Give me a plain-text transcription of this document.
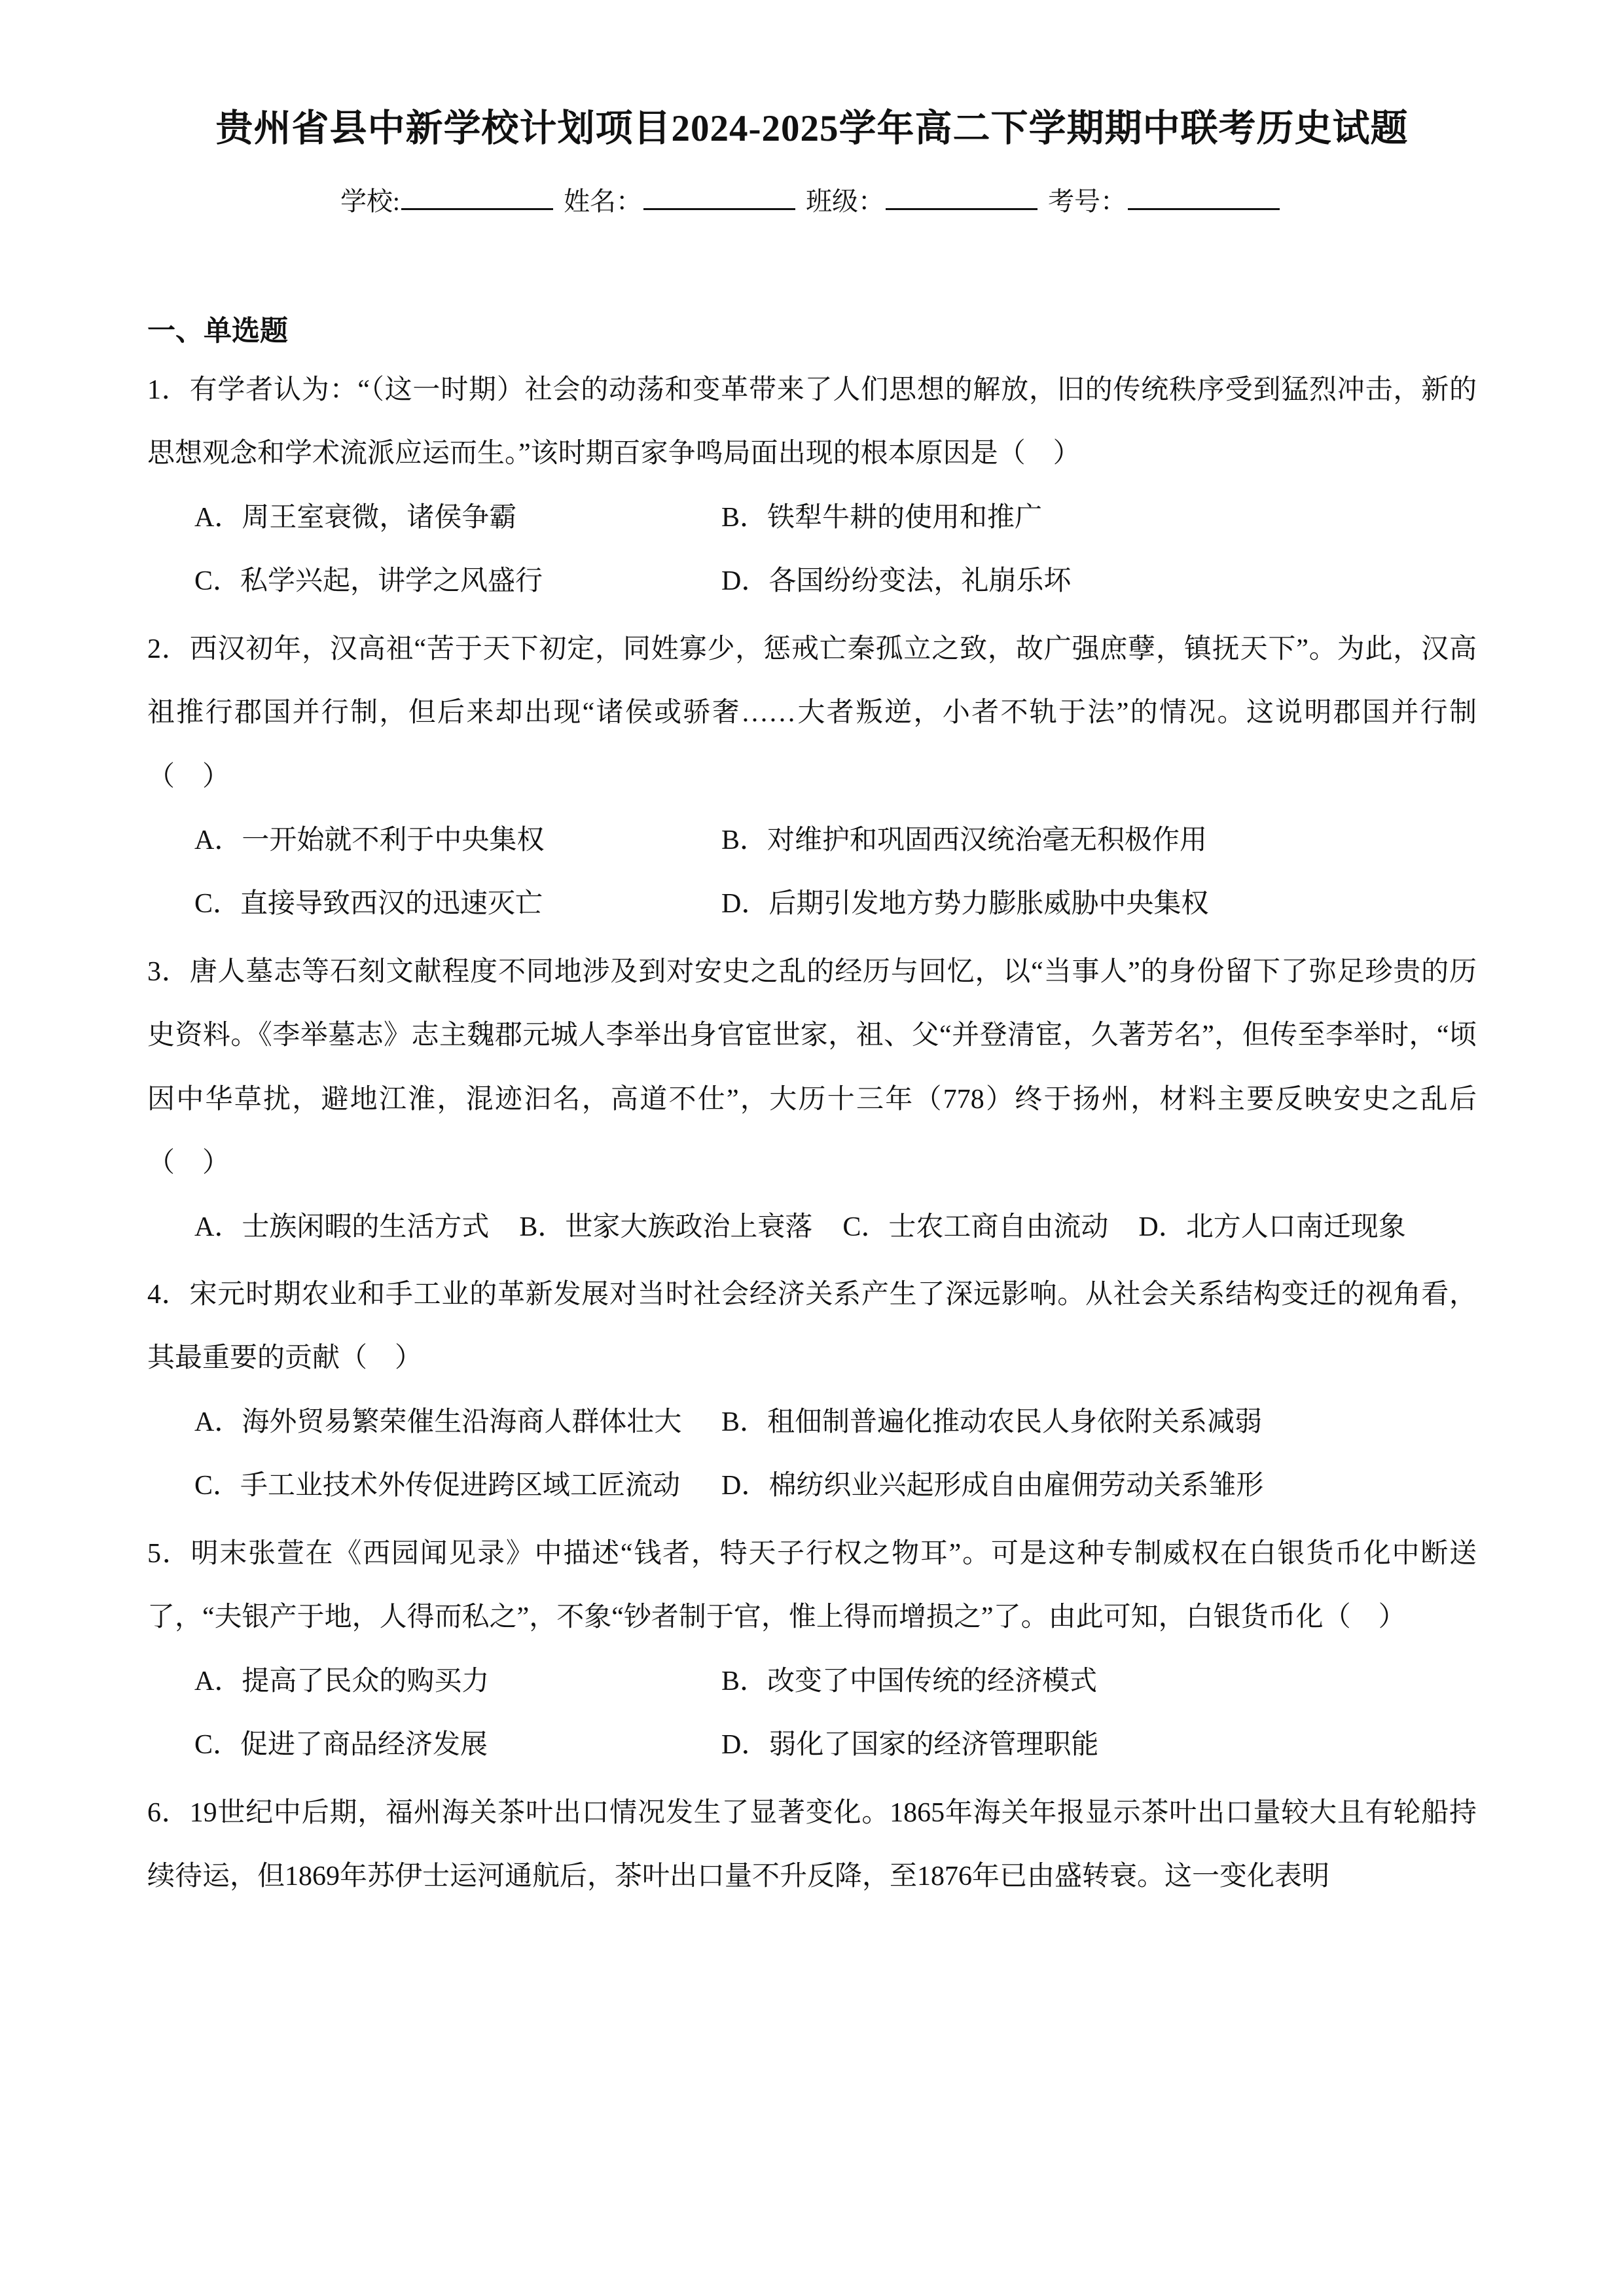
贵州省县中新学校计划项目2024-2025学年高二下学期期中联考历史试题
学校:	姓名：	班级：	考号：
一、单选题

1．有学者认为：“（这一时期）社会的动荡和变革带来了人们思想的解放，旧的传统秩序受到猛烈冲击，新的思想观念和学术流派应运而生。”该时期百家争鸣局面出现的根本原因是（　）

A．周王室衰微，诸侯争霸	B．铁犁牛耕的使用和推广
C．私学兴起，讲学之风盛行	D．各国纷纷变法，礼崩乐坏

2．西汉初年，汉高祖“苦于天下初定，同姓寡少，惩戒亡秦孤立之致，故广强庶孽，镇抚天下”。为此，汉高祖推行郡国并行制，但后来却出现“诸侯或骄奢……大者叛逆，小者不轨于法”的情况。这说明郡国并行制（　）

A．一开始就不利于中央集权	B．对维护和巩固西汉统治毫无积极作用
C．直接导致西汉的迅速灭亡	D．后期引发地方势力膨胀威胁中央集权

3．唐人墓志等石刻文献程度不同地涉及到对安史之乱的经历与回忆，以“当事人”的身份留下了弥足珍贵的历史资料。《李举墓志》志主魏郡元城人李举出身官宦世家，祖、父“并登清宦，久著芳名”，但传至李举时，“顷因中华草扰，避地江淮，混迹汩名，高道不仕”，大历十三年（778）终于扬州，材料主要反映安史之乱后（　）

A．士族闲暇的生活方式 B．世家大族政治上衰落 C．士农工商自由流动 D．北方人口南迁现象

4．宋元时期农业和手工业的革新发展对当时社会经济关系产生了深远影响。从社会关系结构变迁的视角看，其最重要的贡献（　）

A．海外贸易繁荣催生沿海商人群体壮大	B．租佃制普遍化推动农民人身依附关系减弱
C．手工业技术外传促进跨区域工匠流动	D．棉纺织业兴起形成自由雇佣劳动关系雏形

5．明末张萱在《西园闻见录》中描述“钱者，特天子行权之物耳”。可是这种专制威权在白银货币化中断送了，“夫银产于地，人得而私之”，不象“钞者制于官，惟上得而增损之”了。由此可知，白银货币化（　）

A．提高了民众的购买力	B．改变了中国传统的经济模式
C．促进了商品经济发展	D．弱化了国家的经济管理职能

6．19世纪中后期，福州海关茶叶出口情况发生了显著变化。1865年海关年报显示茶叶出口量较大且有轮船持续待运，但1869年苏伊士运河通航后，茶叶出口量不升反降，至1876年已由盛转衰。这一变化表明
